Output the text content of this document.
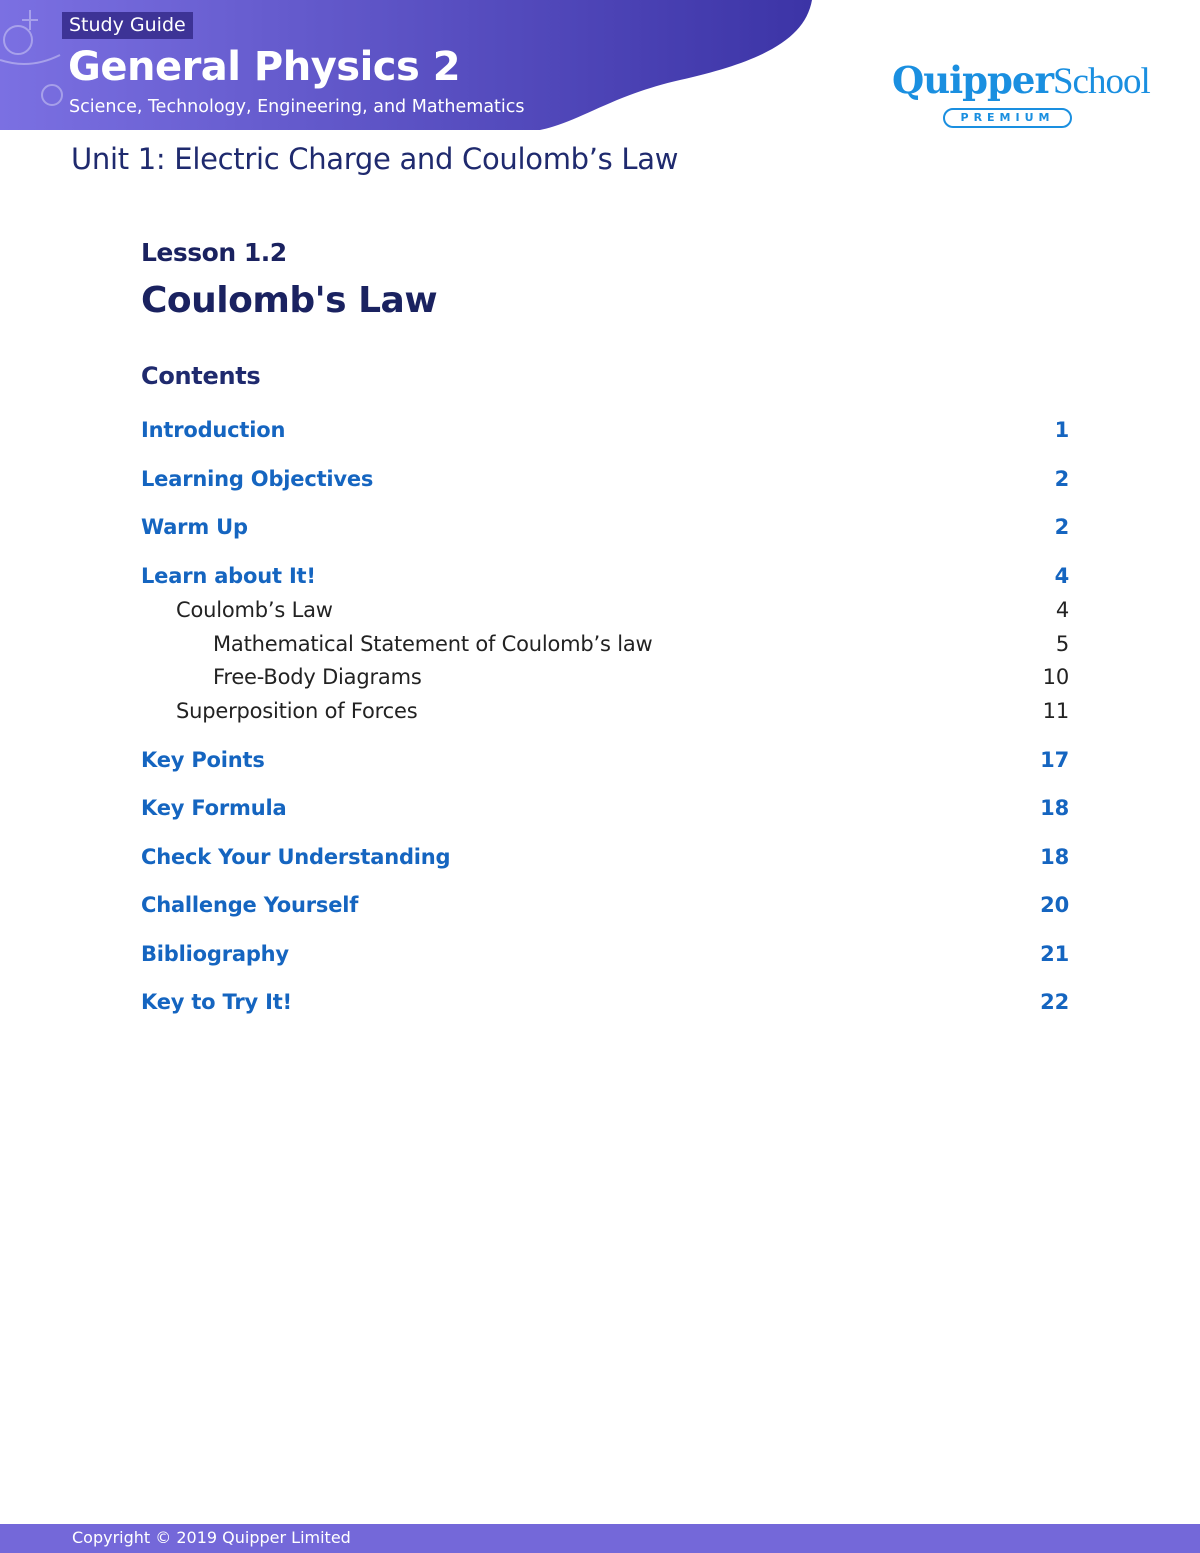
Study Guide
General Physics 2
Science, Technology, Engineering, and Mathematics
QuipperSchool
PREMIUM
Unit 1: Electric Charge and Coulomb’s Law
Lesson 1.2
Coulomb's Law
Contents
Introduction	1
Learning Objectives	2
Warm Up	2
Learn about It!	4
Coulomb’s Law	4
Mathematical Statement of Coulomb’s law	5
Free-Body Diagrams	10
Superposition of Forces	11
Key Points	17
Key Formula	18
Check Your Understanding	18
Challenge Yourself	20
Bibliography	21
Key to Try It!	22
Copyright © 2019 Quipper Limited
